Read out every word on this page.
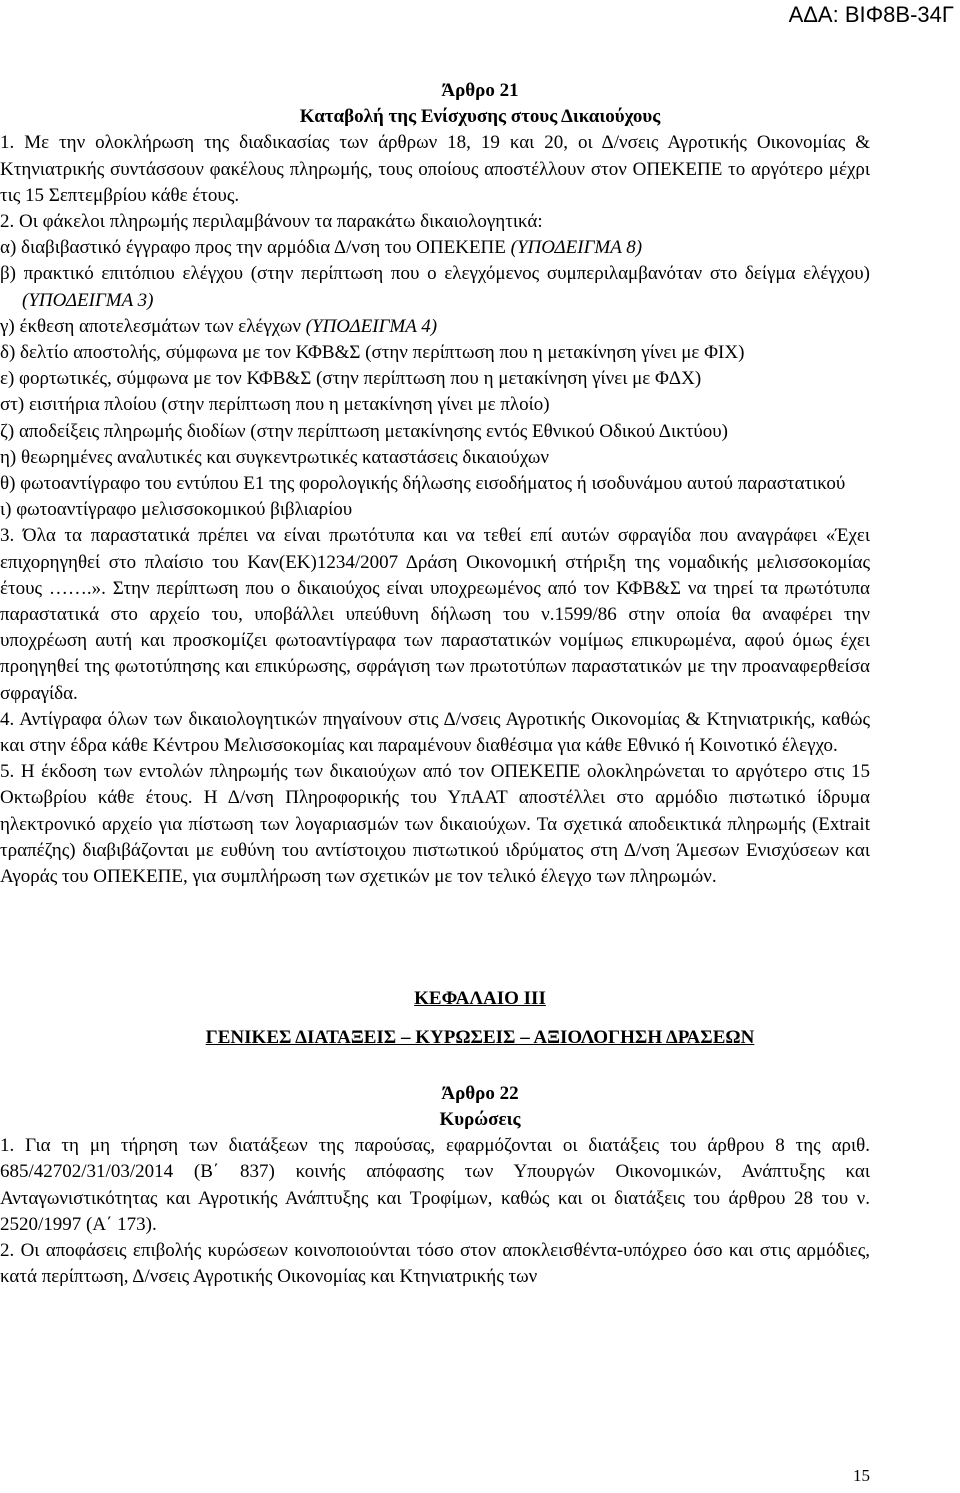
ΑΔΑ: ΒΙΦ8Β-34Γ
Άρθρο 21
Καταβολή της Ενίσχυσης στους Δικαιούχους
1. Με την ολοκλήρωση της διαδικασίας των άρθρων 18, 19 και 20, οι Δ/νσεις Αγροτικής Οικονομίας & Κτηνιατρικής συντάσσουν φακέλους πληρωμής, τους οποίους αποστέλλουν στον ΟΠΕΚΕΠΕ το αργότερο μέχρι τις 15 Σεπτεμβρίου κάθε έτους.
2. Οι φάκελοι πληρωμής περιλαμβάνουν τα παρακάτω δικαιολογητικά:
α) διαβιβαστικό έγγραφο προς την αρμόδια Δ/νση του ΟΠΕΚΕΠΕ (ΥΠΟΔΕΙΓΜΑ 8)
β) πρακτικό επιτόπιου ελέγχου (στην περίπτωση που ο ελεγχόμενος συμπεριλαμβανόταν στο δείγμα ελέγχου) (ΥΠΟΔΕΙΓΜΑ 3)
γ) έκθεση αποτελεσμάτων των ελέγχων (ΥΠΟΔΕΙΓΜΑ 4)
δ) δελτίο αποστολής, σύμφωνα με τον ΚΦΒ&Σ (στην περίπτωση που η μετακίνηση γίνει με ΦΙΧ)
ε) φορτωτικές, σύμφωνα με τον ΚΦΒ&Σ (στην περίπτωση που η μετακίνηση γίνει με ΦΔΧ)
στ) εισιτήρια πλοίου (στην περίπτωση που η μετακίνηση γίνει με πλοίο)
ζ) αποδείξεις πληρωμής διοδίων (στην περίπτωση μετακίνησης εντός Εθνικού Οδικού Δικτύου)
η) θεωρημένες αναλυτικές και συγκεντρωτικές καταστάσεις δικαιούχων
θ) φωτοαντίγραφο του εντύπου Ε1 της φορολογικής δήλωσης εισοδήματος ή ισοδυνάμου αυτού παραστατικού
ι) φωτοαντίγραφο μελισσοκομικού βιβλιαρίου
3. Όλα τα παραστατικά πρέπει να είναι πρωτότυπα και να τεθεί επί αυτών σφραγίδα που αναγράφει «Έχει επιχορηγηθεί στο πλαίσιο του Καν(ΕΚ)1234/2007 Δράση Οικονομική στήριξη της νομαδικής μελισσοκομίας έτους …….». Στην περίπτωση που ο δικαιούχος είναι υποχρεωμένος από τον ΚΦΒ&Σ να τηρεί τα πρωτότυπα παραστατικά στο αρχείο του, υποβάλλει υπεύθυνη δήλωση του ν.1599/86 στην οποία θα αναφέρει την υποχρέωση αυτή και προσκομίζει φωτοαντίγραφα των παραστατικών νομίμως επικυρωμένα, αφού όμως έχει προηγηθεί της φωτοτύπησης και επικύρωσης, σφράγιση των πρωτοτύπων παραστατικών με την προαναφερθείσα σφραγίδα.
4. Αντίγραφα όλων των δικαιολογητικών πηγαίνουν στις Δ/νσεις Αγροτικής Οικονομίας & Κτηνιατρικής, καθώς και στην έδρα κάθε Κέντρου Μελισσοκομίας και παραμένουν διαθέσιμα για κάθε Εθνικό ή Κοινοτικό έλεγχο.
5. Η έκδοση των εντολών πληρωμής των δικαιούχων από τον ΟΠΕΚΕΠΕ ολοκληρώνεται το αργότερο στις 15 Οκτωβρίου κάθε έτους. Η Δ/νση Πληροφορικής του ΥπΑΑΤ αποστέλλει στο αρμόδιο πιστωτικό ίδρυμα ηλεκτρονικό αρχείο για πίστωση των λογαριασμών των δικαιούχων. Τα σχετικά αποδεικτικά πληρωμής (Extrait τραπέζης) διαβιβάζονται με ευθύνη του αντίστοιχου πιστωτικού ιδρύματος στη Δ/νση Άμεσων Ενισχύσεων και Αγοράς του ΟΠΕΚΕΠΕ, για συμπλήρωση των σχετικών με τον τελικό έλεγχο των πληρωμών.
ΚΕΦΑΛΑΙΟ ΙΙΙ
ΓΕΝΙΚΕΣ ΔΙΑΤΑΞΕΙΣ – ΚΥΡΩΣΕΙΣ – ΑΞΙΟΛΟΓΗΣΗ ΔΡΑΣΕΩΝ
Άρθρο 22
Κυρώσεις
1. Για τη μη τήρηση των διατάξεων της παρούσας, εφαρμόζονται οι διατάξεις του άρθρου 8 της αριθ. 685/42702/31/03/2014 (Β΄ 837) κοινής απόφασης των Υπουργών Οικονομικών, Ανάπτυξης και Ανταγωνιστικότητας και Αγροτικής Ανάπτυξης και Τροφίμων, καθώς και οι διατάξεις του άρθρου 28 του ν. 2520/1997 (Α΄ 173).
2. Οι αποφάσεις επιβολής κυρώσεων κοινοποιούνται τόσο στον αποκλεισθέντα-υπόχρεο όσο και στις αρμόδιες, κατά περίπτωση, Δ/νσεις Αγροτικής Οικονομίας και Κτηνιατρικής των
15
